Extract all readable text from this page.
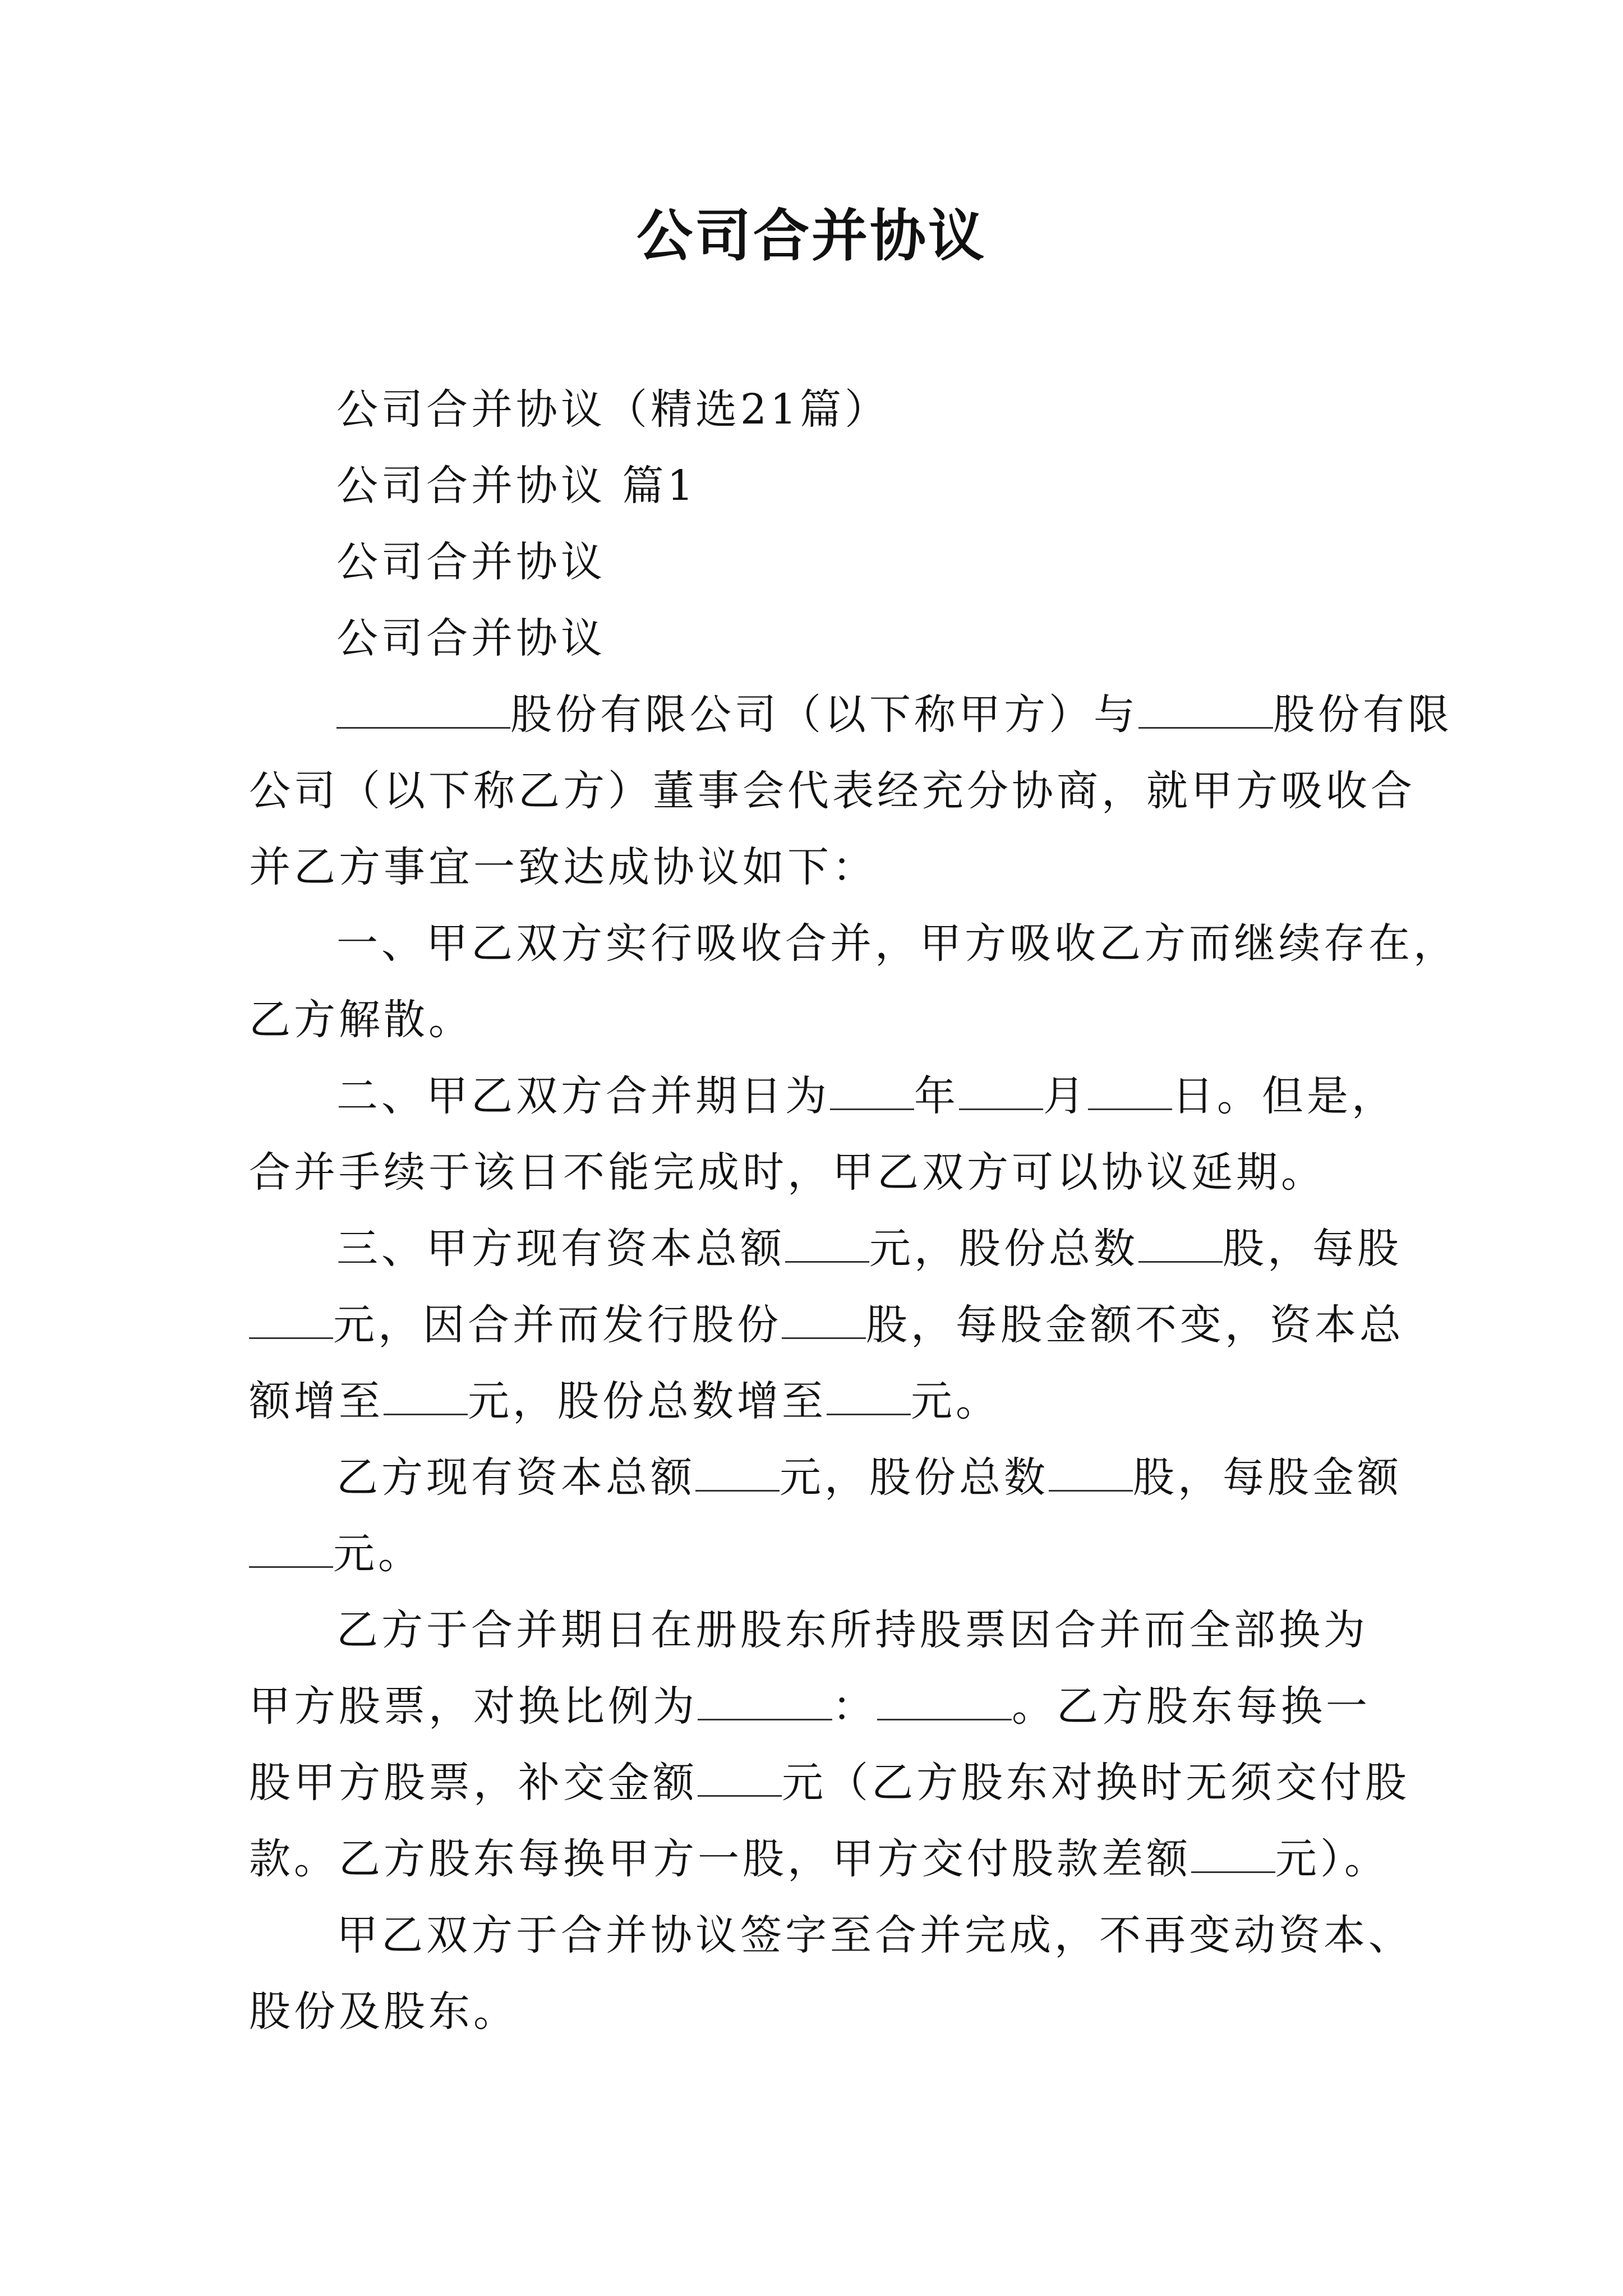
公司合并协议
公司合并协议（精选21篇）
公司合并协议 篇1
公司合并协议
公司合并协议
股份有限公司（以下称甲方）与	股份有限
公司（以下称乙方）董事会代表经充分协商，就甲方吸收合
并乙方事宜一致达成协议如下：
一、甲乙双方实行吸收合并，甲方吸收乙方而继续存在，
乙方解散。
二、甲乙双方合并期日为 年 月 日。但是，
合并手续于该日不能完成时，甲乙双方可以协议延期。
三、甲方现有资本总额 元，股份总数 股，每股
元，因合并而发行股份 股，每股金额不变，资本总
额增至 元，股份总数增至 元。
乙方现有资本总额 元，股份总数 股，每股金额
元。
乙方于合并期日在册股东所持股票因合并而全部换为
甲方股票，对换比例为	：	。乙方股东每换一
股甲方股票，补交金额 元（乙方股东对换时无须交付股
款。乙方股东每换甲方一股，甲方交付股款差额 元）。
甲乙双方于合并协议签字至合并完成，不再变动资本、
股份及股东。
